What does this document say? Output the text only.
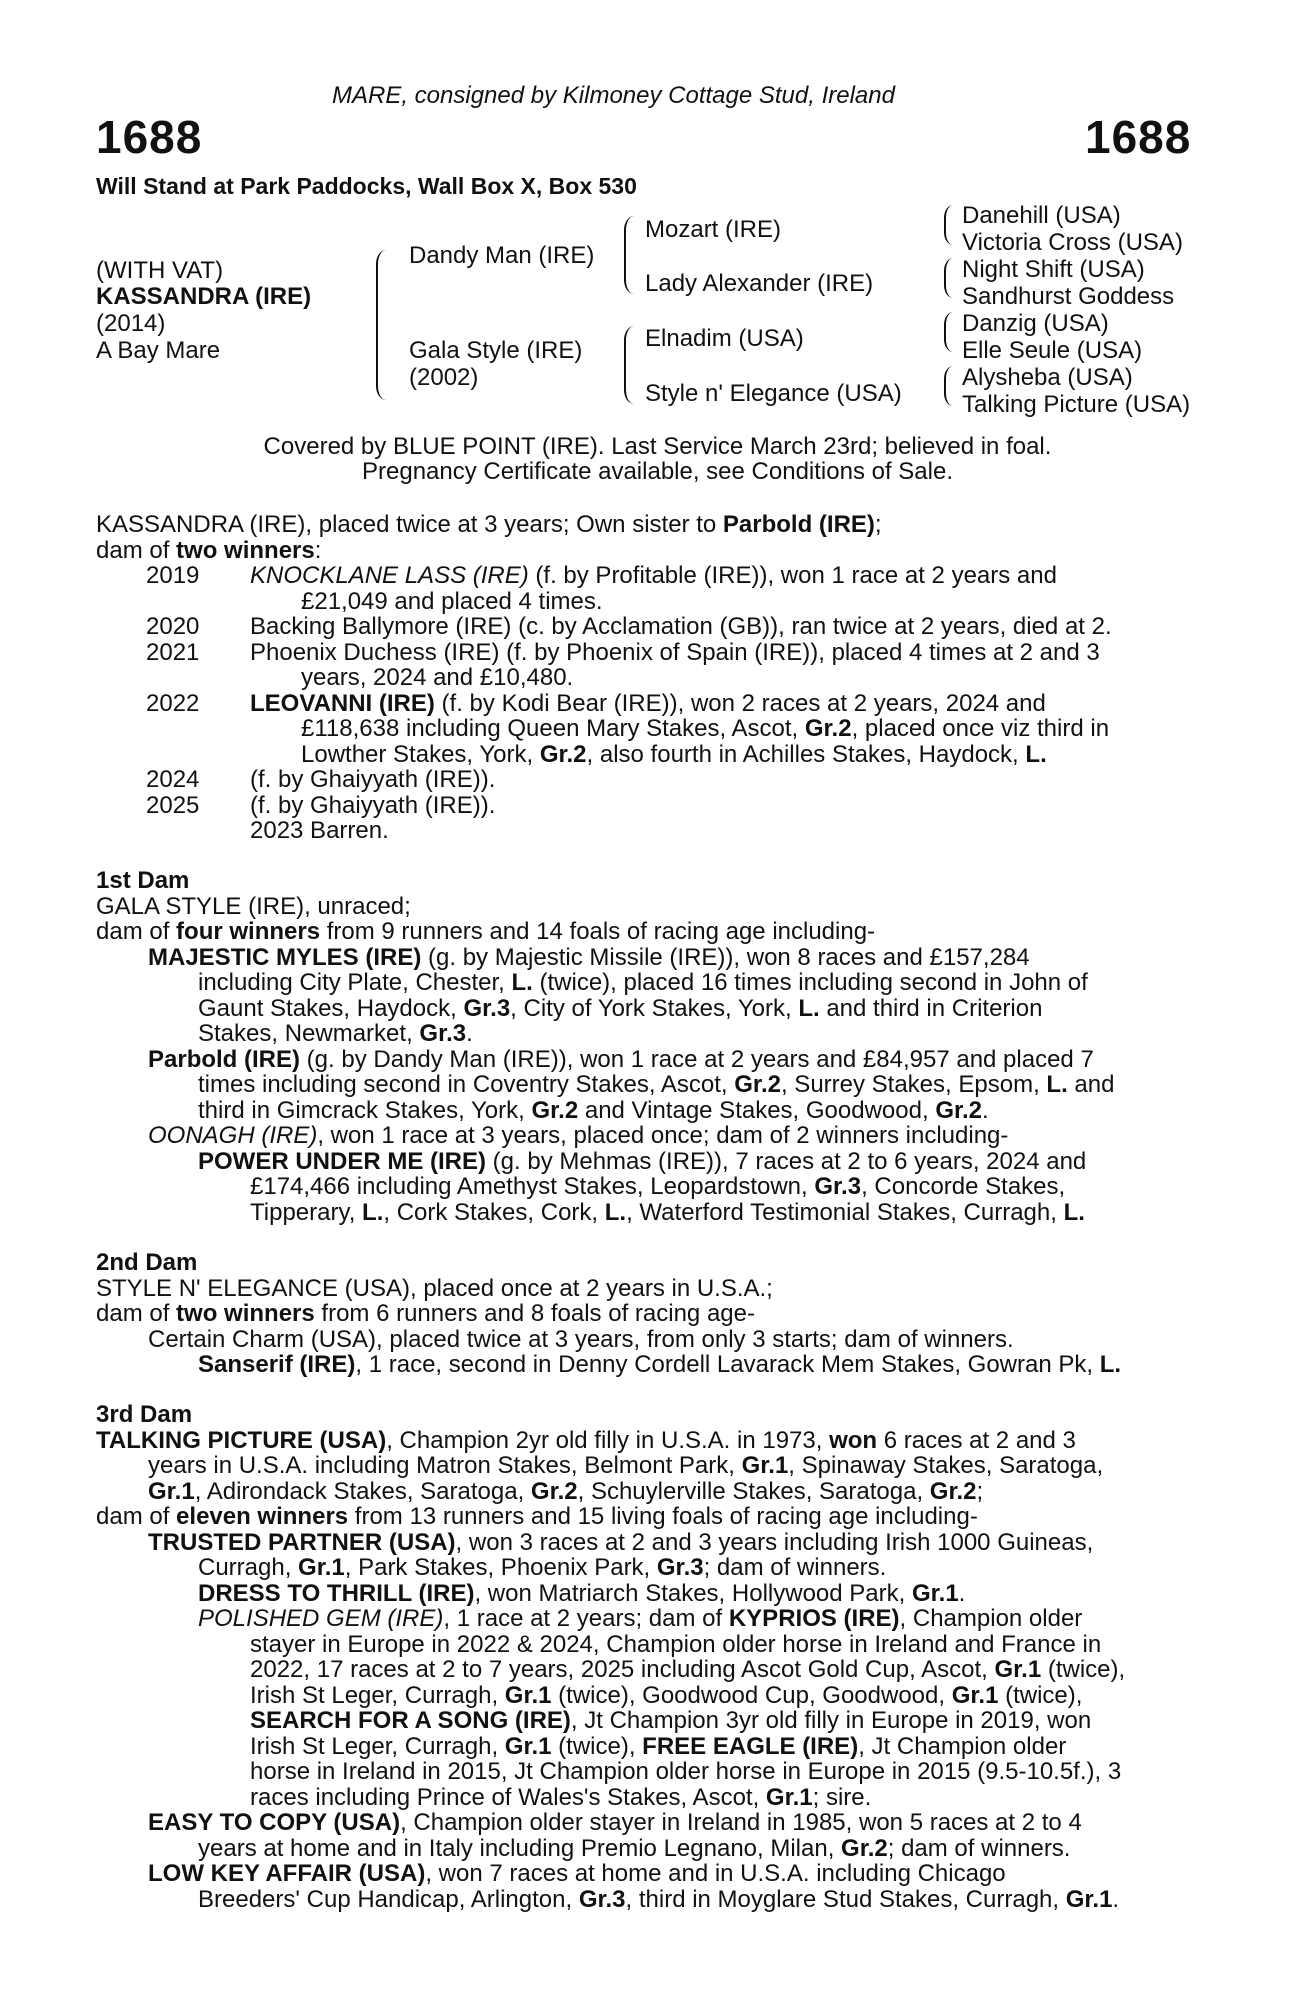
MARE, consigned by Kilmoney Cottage Stud, Ireland
1688	1688
Will Stand at Park Paddocks, Wall Box X, Box 530
(WITH VAT)
KASSANDRA (IRE)
(2014)
A Bay Mare
Dandy Man (IRE)
Gala Style (IRE)
(2002)
Mozart (IRE)
Lady Alexander (IRE)
Elnadim (USA)
Style n' Elegance (USA)
Danehill (USA)
Victoria Cross (USA)
Night Shift (USA)
Sandhurst Goddess
Danzig (USA)
Elle Seule (USA)
Alysheba (USA)
Talking Picture (USA)
Covered by BLUE POINT (IRE). Last Service March 23rd; believed in foal.
Pregnancy Certificate available, see Conditions of Sale.
KASSANDRA (IRE), placed twice at 3 years; Own sister to Parbold (IRE);
dam of two winners:
2019 KNOCKLANE LASS (IRE) (f. by Profitable (IRE)), won 1 race at 2 years and
£21,049 and placed 4 times.
2020 Backing Ballymore (IRE) (c. by Acclamation (GB)), ran twice at 2 years, died at 2.
2021 Phoenix Duchess (IRE) (f. by Phoenix of Spain (IRE)), placed 4 times at 2 and 3
years, 2024 and £10,480.
2022 LEOVANNI (IRE) (f. by Kodi Bear (IRE)), won 2 races at 2 years, 2024 and
£118,638 including Queen Mary Stakes, Ascot, Gr.2, placed once viz third in
Lowther Stakes, York, Gr.2, also fourth in Achilles Stakes, Haydock, L.
2024 (f. by Ghaiyyath (IRE)).
2025 (f. by Ghaiyyath (IRE)).
2023 Barren.
1st Dam
GALA STYLE (IRE), unraced;
dam of four winners from 9 runners and 14 foals of racing age including-
MAJESTIC MYLES (IRE) (g. by Majestic Missile (IRE)), won 8 races and £157,284
including City Plate, Chester, L. (twice), placed 16 times including second in John of
Gaunt Stakes, Haydock, Gr.3, City of York Stakes, York, L. and third in Criterion
Stakes, Newmarket, Gr.3.
Parbold (IRE) (g. by Dandy Man (IRE)), won 1 race at 2 years and £84,957 and placed 7
times including second in Coventry Stakes, Ascot, Gr.2, Surrey Stakes, Epsom, L. and
third in Gimcrack Stakes, York, Gr.2 and Vintage Stakes, Goodwood, Gr.2.
OONAGH (IRE), won 1 race at 3 years, placed once; dam of 2 winners including-
POWER UNDER ME (IRE) (g. by Mehmas (IRE)), 7 races at 2 to 6 years, 2024 and
£174,466 including Amethyst Stakes, Leopardstown, Gr.3, Concorde Stakes,
Tipperary, L., Cork Stakes, Cork, L., Waterford Testimonial Stakes, Curragh, L.
2nd Dam
STYLE N' ELEGANCE (USA), placed once at 2 years in U.S.A.;
dam of two winners from 6 runners and 8 foals of racing age-
Certain Charm (USA), placed twice at 3 years, from only 3 starts; dam of winners.
Sanserif (IRE), 1 race, second in Denny Cordell Lavarack Mem Stakes, Gowran Pk, L.
3rd Dam
TALKING PICTURE (USA), Champion 2yr old filly in U.S.A. in 1973, won 6 races at 2 and 3
years in U.S.A. including Matron Stakes, Belmont Park, Gr.1, Spinaway Stakes, Saratoga,
Gr.1, Adirondack Stakes, Saratoga, Gr.2, Schuylerville Stakes, Saratoga, Gr.2;
dam of eleven winners from 13 runners and 15 living foals of racing age including-
TRUSTED PARTNER (USA), won 3 races at 2 and 3 years including Irish 1000 Guineas,
Curragh, Gr.1, Park Stakes, Phoenix Park, Gr.3; dam of winners.
DRESS TO THRILL (IRE), won Matriarch Stakes, Hollywood Park, Gr.1.
POLISHED GEM (IRE), 1 race at 2 years; dam of KYPRIOS (IRE), Champion older
stayer in Europe in 2022 & 2024, Champion older horse in Ireland and France in
2022, 17 races at 2 to 7 years, 2025 including Ascot Gold Cup, Ascot, Gr.1 (twice),
Irish St Leger, Curragh, Gr.1 (twice), Goodwood Cup, Goodwood, Gr.1 (twice),
SEARCH FOR A SONG (IRE), Jt Champion 3yr old filly in Europe in 2019, won
Irish St Leger, Curragh, Gr.1 (twice), FREE EAGLE (IRE), Jt Champion older
horse in Ireland in 2015, Jt Champion older horse in Europe in 2015 (9.5-10.5f.), 3
races including Prince of Wales's Stakes, Ascot, Gr.1; sire.
EASY TO COPY (USA), Champion older stayer in Ireland in 1985, won 5 races at 2 to 4
years at home and in Italy including Premio Legnano, Milan, Gr.2; dam of winners.
LOW KEY AFFAIR (USA), won 7 races at home and in U.S.A. including Chicago
Breeders' Cup Handicap, Arlington, Gr.3, third in Moyglare Stud Stakes, Curragh, Gr.1.
